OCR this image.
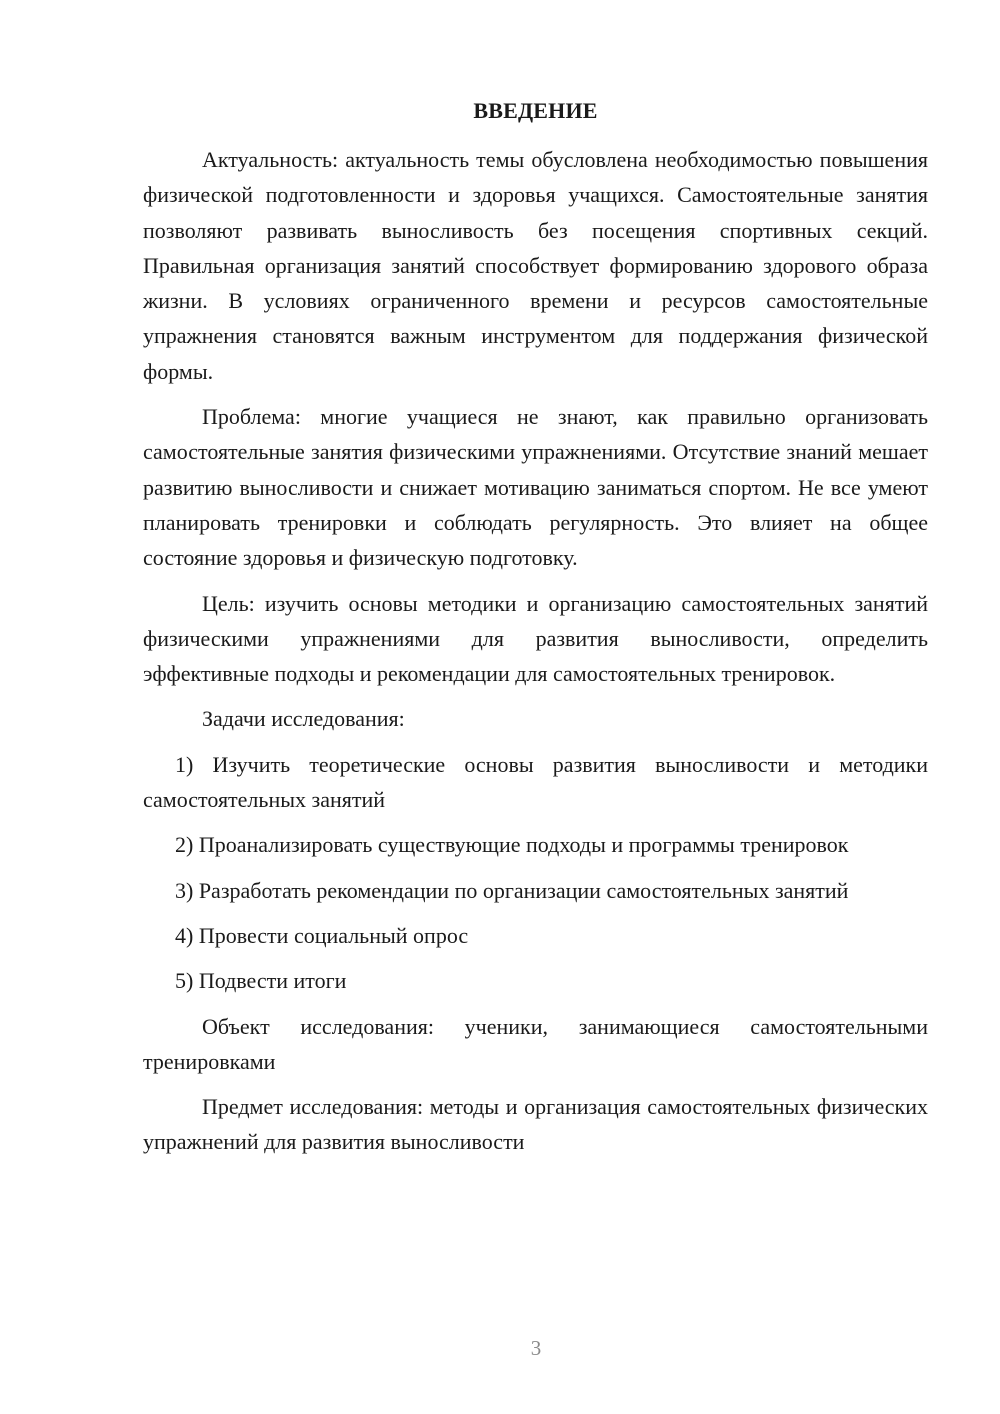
ВВЕДЕНИЕ

Актуальность: актуальность темы обусловлена необходимостью повышения физической подготовленности и здоровья учащихся. Самостоятельные занятия позволяют развивать выносливость без посещения спортивных секций. Правильная организация занятий способствует формированию здорового образа жизни. В условиях ограниченного времени и ресурсов самостоятельные упражнения становятся важным инструментом для поддержания физической формы.

Проблема: многие учащиеся не знают, как правильно организовать самостоятельные занятия физическими упражнениями. Отсутствие знаний мешает развитию выносливости и снижает мотивацию заниматься спортом. Не все умеют планировать тренировки и соблюдать регулярность. Это влияет на общее состояние здоровья и физическую подготовку.

Цель: изучить основы методики и организацию самостоятельных занятий физическими упражнениями для развития выносливости, определить эффективные подходы и рекомендации для самостоятельных тренировок.

Задачи исследования:

1) Изучить теоретические основы развития выносливости и методики самостоятельных занятий

2) Проанализировать существующие подходы и программы тренировок

3) Разработать рекомендации по организации самостоятельных занятий

4) Провести социальный опрос

5) Подвести итоги

Объект исследования: ученики, занимающиеся самостоятельными тренировками

Предмет исследования: методы и организация самостоятельных физических упражнений для развития выносливости

3
